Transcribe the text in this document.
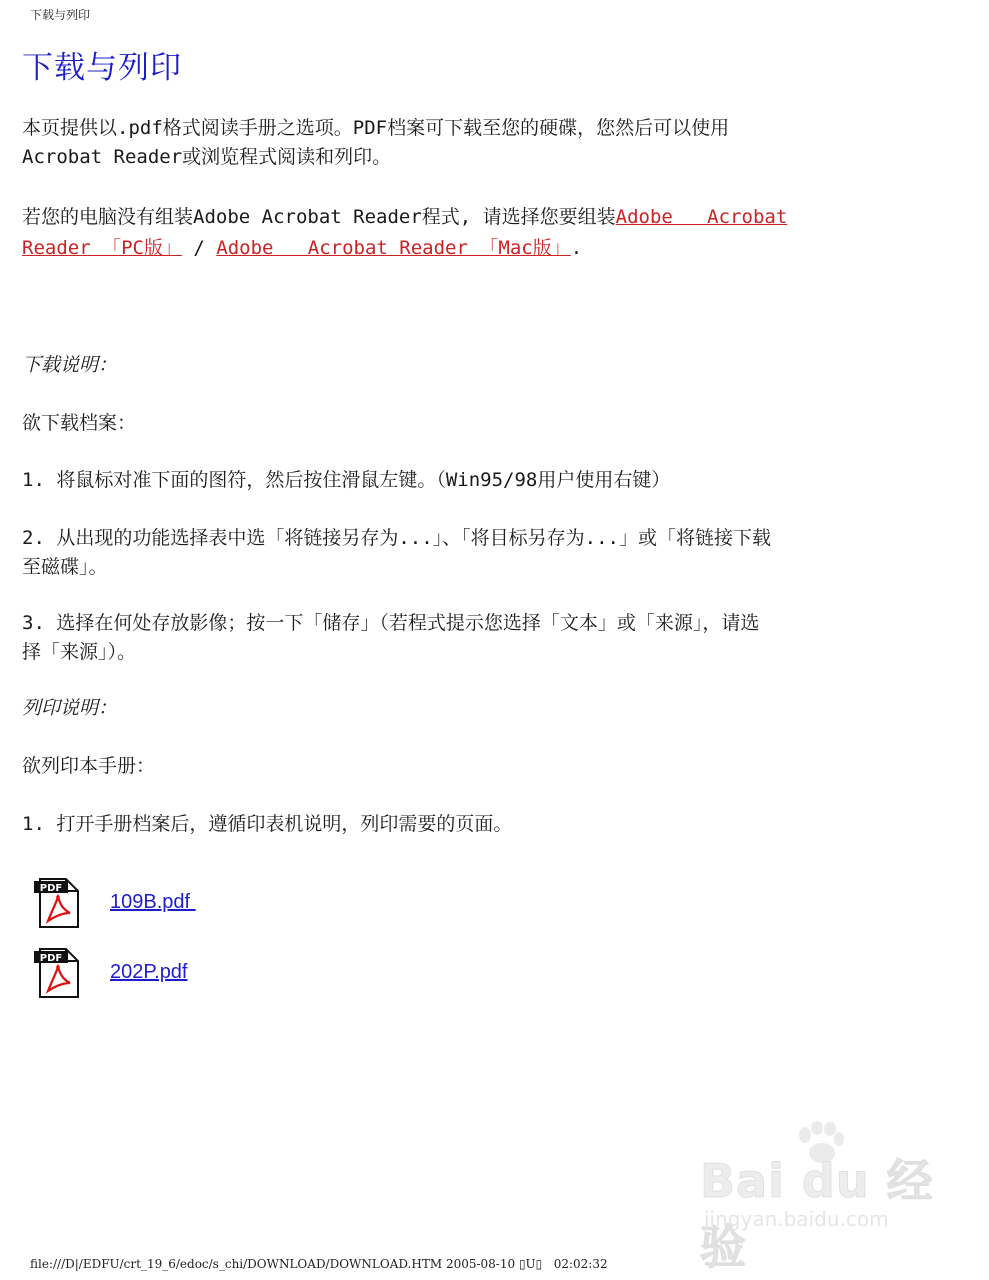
下载与列印
下载与列印

本页提供以.pdf格式阅读手册之选项。PDF档案可下载至您的硬碟，您然后可以使用
Acrobat Reader或浏览程式阅读和列印。

若您的电脑没有组装Adobe Acrobat Reader程式, 请选择您要组装Adobe   Acrobat
Reader 「PC版」 / Adobe   Acrobat Reader 「Mac版」.

下载说明：

欲下载档案：

1. 将鼠标对准下面的图符，然后按住滑鼠左键。（Win95/98用户使用右键）

2. 从出现的功能选择表中选「将链接另存为...」、「将目标另存为...」或「将链接下载
至磁碟」。

3. 选择在何处存放影像；按一下「储存」（若程式提示您选择「文本」或「来源」，请选
择「来源」）。

列印说明：

欲列印本手册：

1. 打开手册档案后，遵循印表机说明，列印需要的页面。

PDF
109B.pdf
PDF
202P.pdf
Bai du 经验
jingyan.baidu.com
file:///D|/EDFU/crt_19_6/edoc/s_chi/DOWNLOAD/DOWNLOAD.HTM 2005-08-10 ▯U▯   02:02:32
